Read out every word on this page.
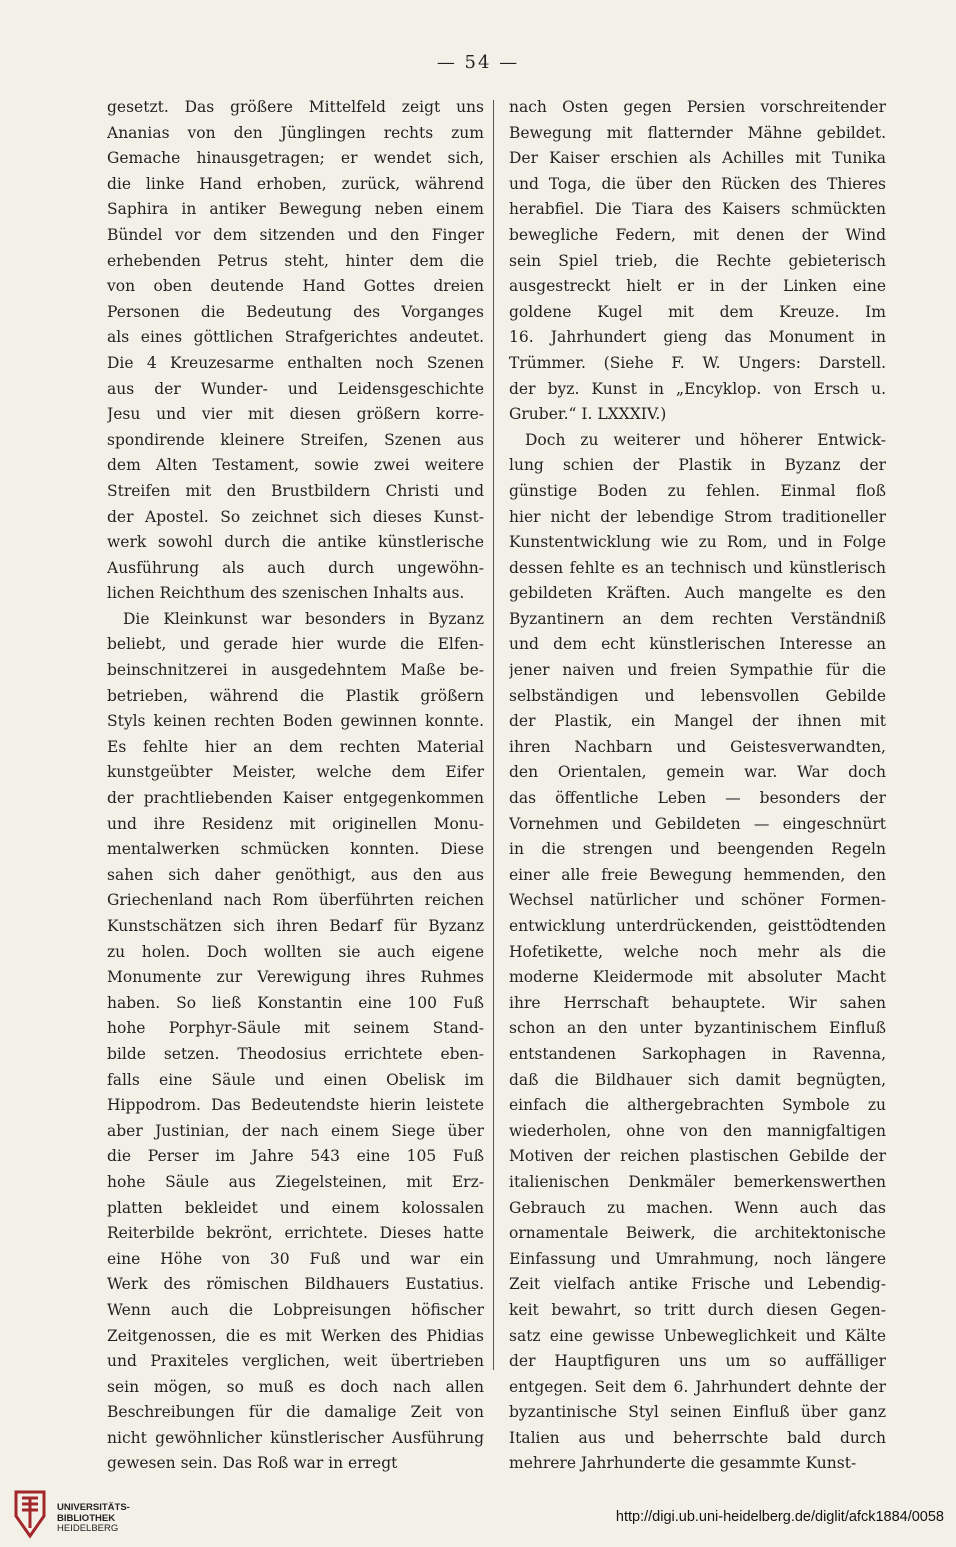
— 54 —
gesetzt. Das größere Mittelfeld zeigt uns
Ananias von den Jünglingen rechts zum
Gemache hinausgetragen; er wendet sich,
die linke Hand erhoben, zurück, während
Saphira in antiker Bewegung neben einem
Bündel vor dem sitzenden und den Finger
erhebenden Petrus steht, hinter dem die
von oben deutende Hand Gottes dreien
Personen die Bedeutung des Vorganges
als eines göttlichen Strafgerichtes andeutet.
Die 4 Kreuzesarme enthalten noch Szenen
aus der Wunder- und Leidensgeschichte
Jesu und vier mit diesen größern korre-
spondirende kleinere Streifen, Szenen aus
dem Alten Testament, sowie zwei weitere
Streifen mit den Brustbildern Christi und
der Apostel. So zeichnet sich dieses Kunst-
werk sowohl durch die antike künstlerische
Ausführung als auch durch ungewöhn-
lichen Reichthum des szenischen Inhalts aus.
Die Kleinkunst war besonders in Byzanz
beliebt, und gerade hier wurde die Elfen-
beinschnitzerei in ausgedehntem Maße be-
betrieben, während die Plastik größern
Styls keinen rechten Boden gewinnen konnte.
Es fehlte hier an dem rechten Material
kunstgeübter Meister, welche dem Eifer
der prachtliebenden Kaiser entgegenkommen
und ihre Residenz mit originellen Monu-
mentalwerken schmücken konnten. Diese
sahen sich daher genöthigt, aus den aus
Griechenland nach Rom überführten reichen
Kunstschätzen sich ihren Bedarf für Byzanz
zu holen. Doch wollten sie auch eigene
Monumente zur Verewigung ihres Ruhmes
haben. So ließ Konstantin eine 100 Fuß
hohe Porphyr-Säule mit seinem Stand-
bilde setzen. Theodosius errichtete eben-
falls eine Säule und einen Obelisk im
Hippodrom. Das Bedeutendste hierin leistete
aber Justinian, der nach einem Siege über
die Perser im Jahre 543 eine 105 Fuß
hohe Säule aus Ziegelsteinen, mit Erz-
platten bekleidet und einem kolossalen
Reiterbilde bekrönt, errichtete. Dieses hatte
eine Höhe von 30 Fuß und war ein
Werk des römischen Bildhauers Eustatius.
Wenn auch die Lobpreisungen höfischer
Zeitgenossen, die es mit Werken des Phidias
und Praxiteles verglichen, weit übertrieben
sein mögen, so muß es doch nach allen
Beschreibungen für die damalige Zeit von
nicht gewöhnlicher künstlerischer Ausführung
gewesen sein. Das Roß war in erregt
nach Osten gegen Persien vorschreitender
Bewegung mit flatternder Mähne gebildet.
Der Kaiser erschien als Achilles mit Tunika
und Toga, die über den Rücken des Thieres
herabfiel. Die Tiara des Kaisers schmückten
bewegliche Federn, mit denen der Wind
sein Spiel trieb, die Rechte gebieterisch
ausgestreckt hielt er in der Linken eine
goldene Kugel mit dem Kreuze. Im
16. Jahrhundert gieng das Monument in
Trümmer. (Siehe F. W. Ungers: Darstell.
der byz. Kunst in „Encyklop. von Ersch u.
Gruber.“ I. LXXXIV.)
Doch zu weiterer und höherer Entwick-
lung schien der Plastik in Byzanz der
günstige Boden zu fehlen. Einmal floß
hier nicht der lebendige Strom traditioneller
Kunstentwicklung wie zu Rom, und in Folge
dessen fehlte es an technisch und künstlerisch
gebildeten Kräften. Auch mangelte es den
Byzantinern an dem rechten Verständniß
und dem echt künstlerischen Interesse an
jener naiven und freien Sympathie für die
selbständigen und lebensvollen Gebilde
der Plastik, ein Mangel der ihnen mit
ihren Nachbarn und Geistesverwandten,
den Orientalen, gemein war. War doch
das öffentliche Leben — besonders der
Vornehmen und Gebildeten — eingeschnürt
in die strengen und beengenden Regeln
einer alle freie Bewegung hemmenden, den
Wechsel natürlicher und schöner Formen-
entwicklung unterdrückenden, geisttödtenden
Hofetikette, welche noch mehr als die
moderne Kleidermode mit absoluter Macht
ihre Herrschaft behauptete. Wir sahen
schon an den unter byzantinischem Einfluß
entstandenen Sarkophagen in Ravenna,
daß die Bildhauer sich damit begnügten,
einfach die althergebrachten Symbole zu
wiederholen, ohne von den mannigfaltigen
Motiven der reichen plastischen Gebilde der
italienischen Denkmäler bemerkenswerthen
Gebrauch zu machen. Wenn auch das
ornamentale Beiwerk, die architektonische
Einfassung und Umrahmung, noch längere
Zeit vielfach antike Frische und Lebendig-
keit bewahrt, so tritt durch diesen Gegen-
satz eine gewisse Unbeweglichkeit und Kälte
der Hauptfiguren uns um so auffälliger
entgegen. Seit dem 6. Jahrhundert dehnte der
byzantinische Styl seinen Einfluß über ganz
Italien aus und beherrschte bald durch
mehrere Jahrhunderte die gesammte Kunst-
UNIVERSITÄTS-
BIBLIOTHEK
HEIDELBERG
http://digi.ub.uni-heidelberg.de/diglit/afck1884/0058
